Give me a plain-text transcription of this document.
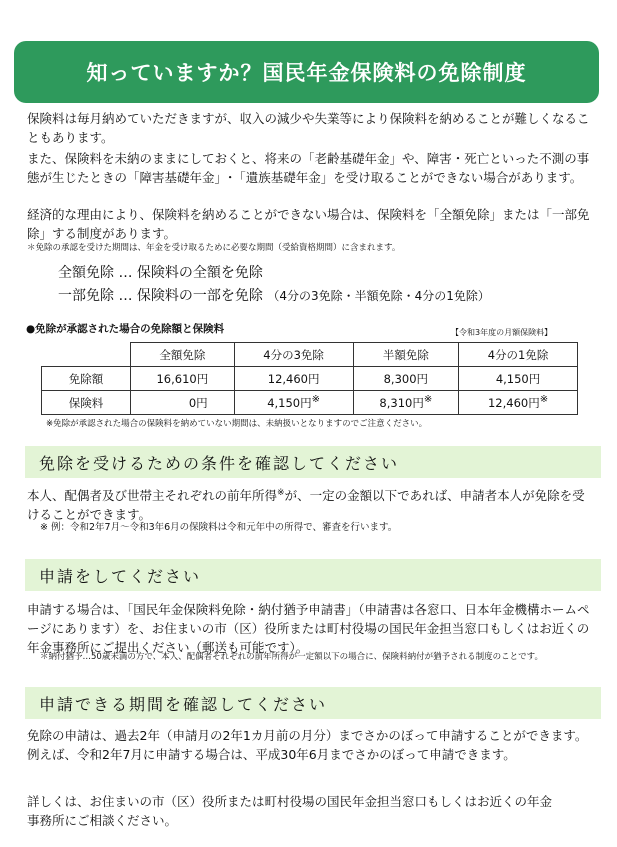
知っていますか？国民年金保険料の免除制度

保険料は毎月納めていただきますが、収入の減少や失業等により保険料を納めることが難しくなることもあります。

また、保険料を未納のままにしておくと、将来の「老齢基礎年金」や、障害・死亡といった不測の事態が生じたときの「障害基礎年金」･「遺族基礎年金」を受け取ることができない場合があります。

経済的な理由により、保険料を納めることができない場合は、保険料を「全額免除」または「一部免除」する制度があります。

＊免除の承認を受けた期間は、年金を受け取るために必要な期間（受給資格期間）に含まれます。

全額免除 … 保険料の全額を免除

一部免除 … 保険料の一部を免除 （4分の3免除・半額免除・4分の1免除）

●免除が承認された場合の免除額と保険料	【令和3年度の月額保険料】
	全額免除	4分の3免除	半額免除	4分の1免除
免除額	16,610円	12,460円	8,300円	4,150円
保険料	0円	4,150円※	8,310円※	12,460円※

※免除が承認された場合の保険料を納めていない期間は、未納扱いとなりますのでご注意ください。

免除を受けるための条件を確認してください

本人、配偶者及び世帯主それぞれの前年所得※が、一定の金額以下であれば、申請者本人が免除を受けることができます。

※ 例：令和2年7月～令和3年6月の保険料は令和元年中の所得で、審査を行います。

申請をしてください

申請する場合は、「国民年金保険料免除・納付猶予申請書」（申請書は各窓口、日本年金機構ホームページにあります）を、お住まいの市（区）役所または町村役場の国民年金担当窓口もしくはお近くの年金事務所にご提出ください（郵送も可能です）。

＊納付猶予…50歳未満の方で、本人、配偶者それぞれの前年所得が一定額以下の場合に、保険料納付が猶予される制度のことです。

申請できる期間を確認してください

免除の申請は、過去2年（申請月の2年1カ月前の月分）までさかのぼって申請することができます。例えば、令和2年7月に申請する場合は、平成30年6月までさかのぼって申請できます。

詳しくは、お住まいの市（区）役所または町村役場の国民年金担当窓口もしくはお近くの年金事務所にご相談ください。
